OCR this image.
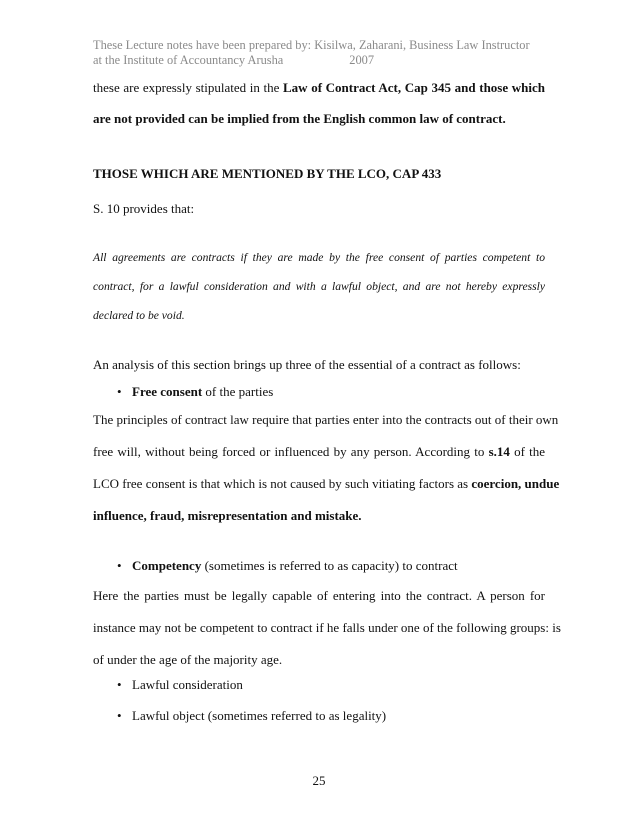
These Lecture notes have been prepared by: Kisilwa, Zaharani, Business Law Instructor
at the Institute of Accountancy Arusha	2007
these are expressly stipulated in the Law of Contract Act, Cap 345 and those which
are not provided can be implied from the English common law of contract.
THOSE WHICH ARE MENTIONED BY THE LCO, CAP 433
S. 10 provides that:
All agreements are contracts if they are made by the free consent of parties competent to
contract, for a lawful consideration and with a lawful object, and are not hereby expressly
declared to be void.
An analysis of this section brings up three of the essential of a contract as follows:
• Free consent of the parties
The principles of contract law require that parties enter into the contracts out of their own
free will, without being forced or influenced by any person. According to s.14 of the
LCO free consent is that which is not caused by such vitiating factors as coercion, undue
influence, fraud, misrepresentation and mistake.
• Competency (sometimes is referred to as capacity) to contract
Here the parties must be legally capable of entering into the contract. A person for
instance may not be competent to contract if he falls under one of the following groups: is
of under the age of the majority age.
• Lawful consideration
• Lawful object (sometimes referred to as legality)
25
